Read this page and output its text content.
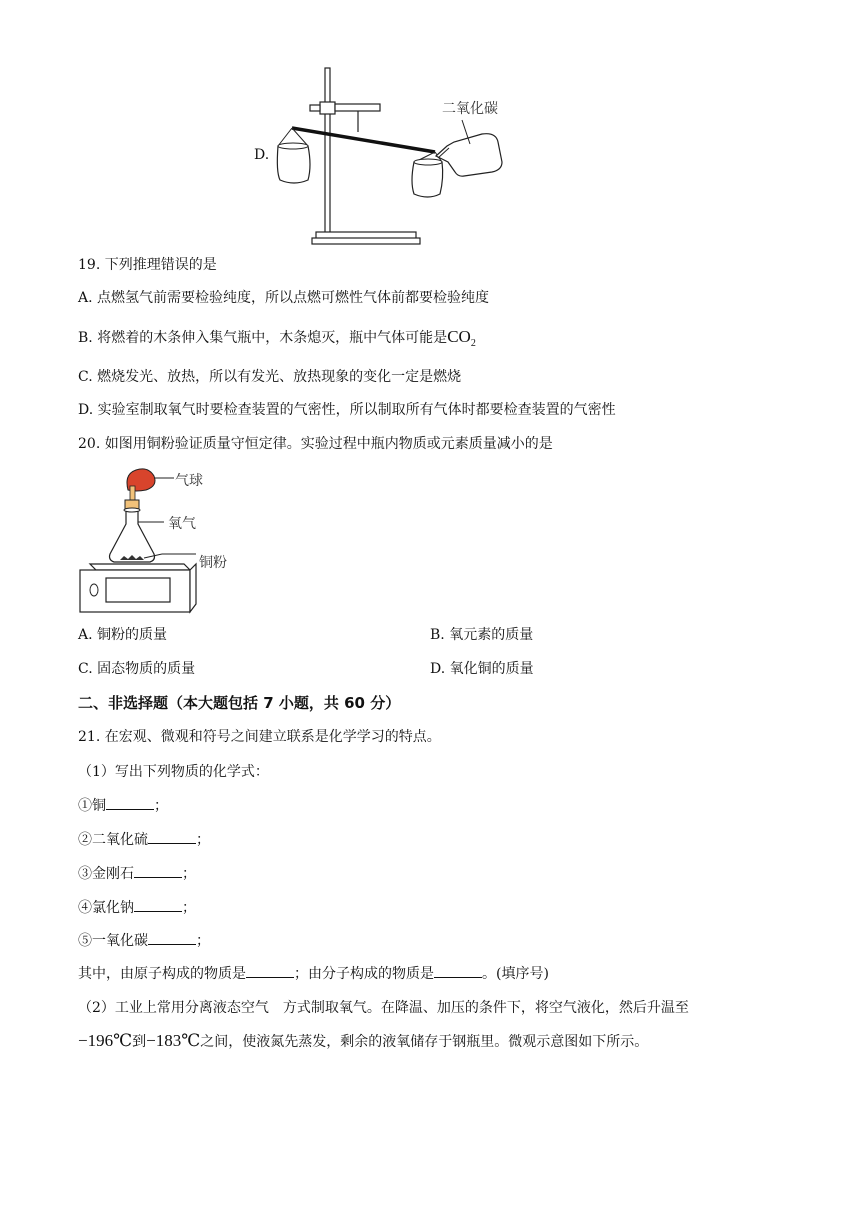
D.
二氧化碳
19. 下列推理错误的是
A. 点燃氢气前需要检验纯度，所以点燃可燃性气体前都要检验纯度
B. 将燃着的木条伸入集气瓶中，木条熄灭，瓶中气体可能是$CO_2$
C. 燃烧发光、放热，所以有发光、放热现象的变化一定是燃烧
D. 实验室制取氧气时要检查装置的气密性，所以制取所有气体时都要检查装置的气密性
20. 如图用铜粉验证质量守恒定律。实验过程中瓶内物质或元素质量减小的是
气球
氧气
铜粉
A. 铜粉的质量	B. 氧元素的质量
C. 固态物质的质量	D. 氧化铜的质量
二、非选择题（本大题包括 7 小题，共 60 分）
21. 在宏观、微观和符号之间建立联系是化学学习的特点。
（1）写出下列物质的化学式：
①铜	；
②二氧化硫	；
③金刚石	；
④氯化钠	；
⑤一氧化碳	；
其中，由原子构成的物质是	；由分子构成的物质是	。(填序号)
（2）工业上常用分离液态空气　方式制取氧气。在降温、加压的条件下，将空气液化，然后升温至
−196℃到−183℃之间，使液氮先蒸发，剩余的液氧储存于钢瓶里。微观示意图如下所示。
